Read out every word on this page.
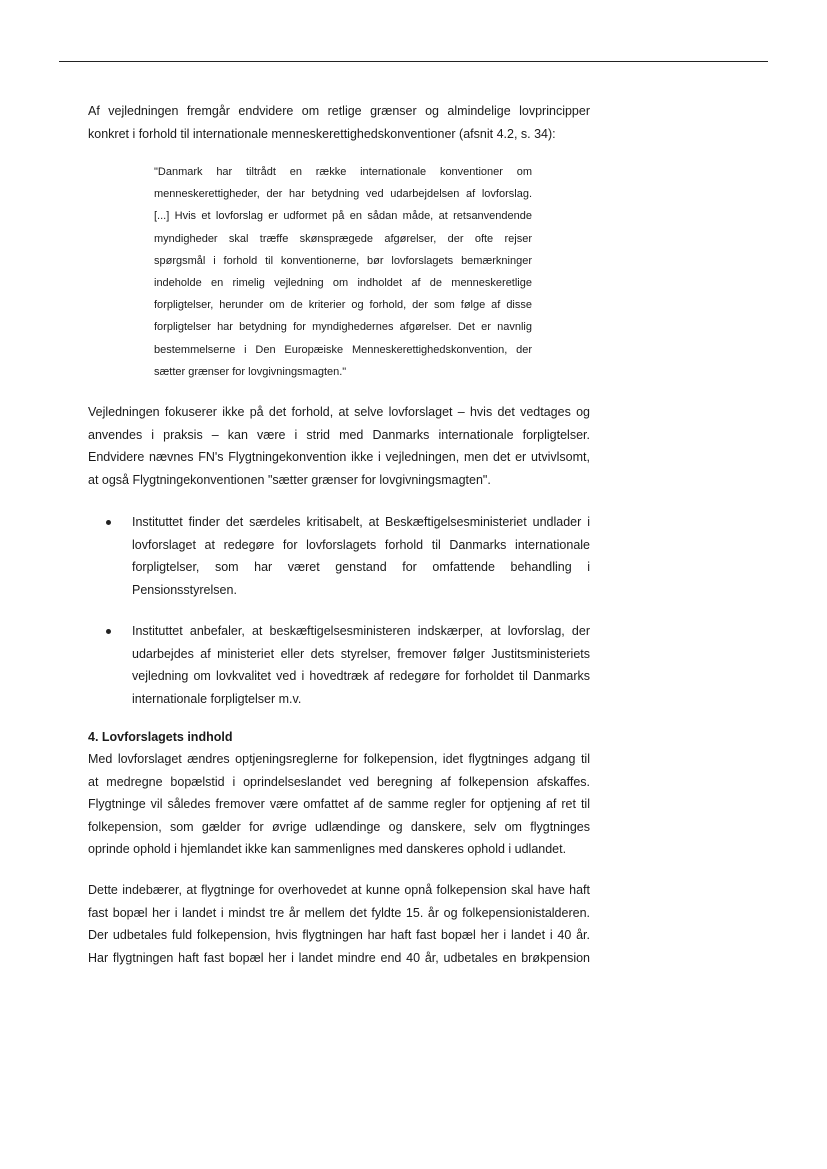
Af vejledningen fremgår endvidere om retlige grænser og almindelige lovprincipper
konkret i forhold til internationale menneskerettighedskonventioner (afsnit 4.2, s. 34):
"Danmark har tiltrådt en række internationale konventioner om
menneskerettigheder, der har betydning ved udarbejdelsen af lovforslag.
[...] Hvis et lovforslag er udformet på en sådan måde, at retsanvendende
myndigheder skal træffe skønsprægede afgørelser, der ofte rejser
spørgsmål i forhold til konventionerne, bør lovforslagets bemærkninger
indeholde en rimelig vejledning om indholdet af de menneskeretlige
forpligtelser, herunder om de kriterier og forhold, der som følge af disse
forpligtelser har betydning for myndighedernes afgørelser. Det er navnlig
bestemmelserne i Den Europæiske Menneskerettighedskonvention, der
sætter grænser for lovgivningsmagten."
Vejledningen fokuserer ikke på det forhold, at selve lovforslaget – hvis det vedtages og
anvendes i praksis – kan være i strid med Danmarks internationale forpligtelser.
Endvidere nævnes FN's Flygtningekonvention ikke i vejledningen, men det er utvivlsomt,
at også Flygtningekonventionen "sætter grænser for lovgivningsmagten".
Instituttet finder det særdeles kritisabelt, at Beskæftigelsesministeriet undlader i
lovforslaget at redegøre for lovforslagets forhold til Danmarks internationale
forpligtelser, som har været genstand for omfattende behandling i
Pensionsstyrelsen.
Instituttet anbefaler, at beskæftigelsesministeren indskærper, at lovforslag, der
udarbejdes af ministeriet eller dets styrelser, fremover følger Justitsministeriets
vejledning om lovkvalitet ved i hovedtræk af redegøre for forholdet til Danmarks
internationale forpligtelser m.v.
4. Lovforslagets indhold
Med lovforslaget ændres optjeningsreglerne for folkepension, idet flygtninges adgang til
at medregne bopælstid i oprindelseslandet ved beregning af folkepension afskaffes.
Flygtninge vil således fremover være omfattet af de samme regler for optjening af ret til
folkepension, som gælder for øvrige udlændinge og danskere, selv om flygtninges
oprinde ophold i hjemlandet ikke kan sammenlignes med danskeres ophold i udlandet.
Dette indebærer, at flygtninge for overhovedet at kunne opnå folkepension skal have haft
fast bopæl her i landet i mindst tre år mellem det fyldte 15. år og folkepensionistalderen.
Der udbetales fuld folkepension, hvis flygtningen har haft fast bopæl her i landet i 40 år.
Har flygtningen haft fast bopæl her i landet mindre end 40 år, udbetales en brøkpension
